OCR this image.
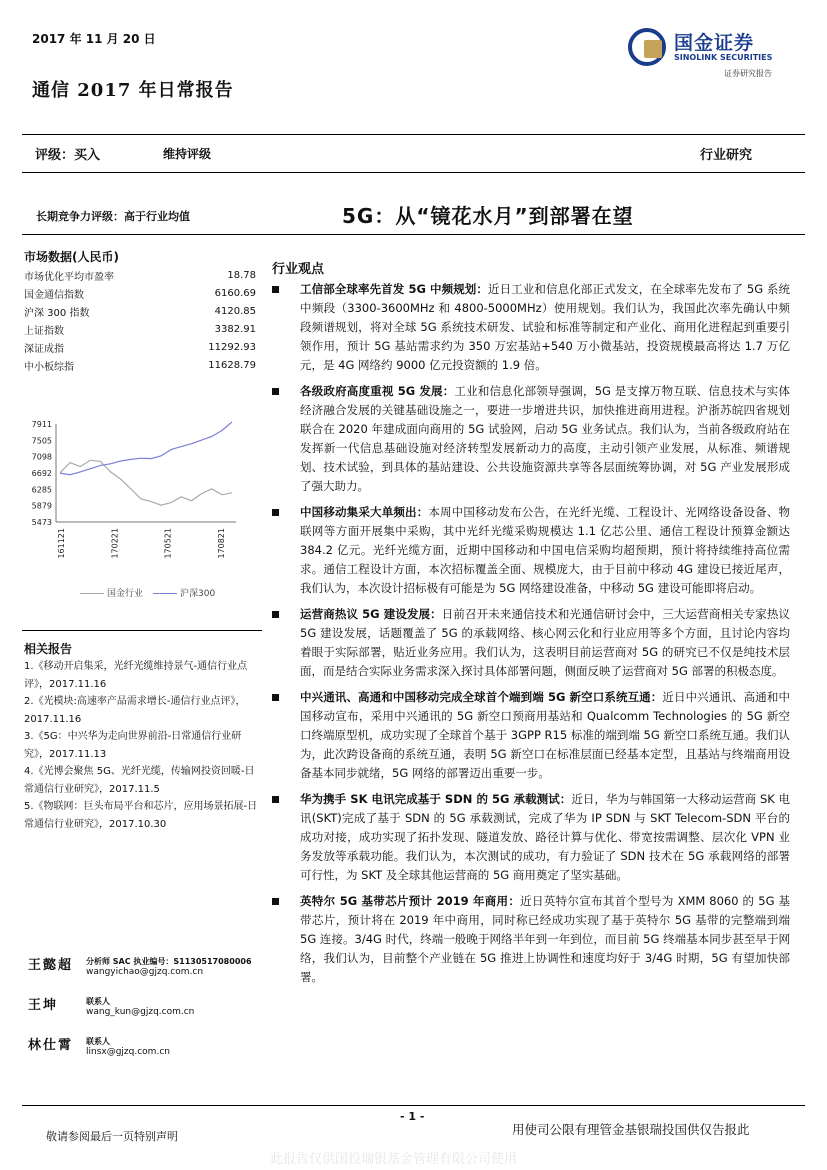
2017 年 11 月 20 日	国金证券
SINOLINK SECURITIES
证券研究报告
通信 2017 年日常报告
评级：买入	维持评级	行业研究
长期竞争力评级：高于行业均值	5G：从“镜花水月”到部署在望
市场数据(人民币)
市场优化平均市盈率	18.78
国金通信指数	6160.69
沪深 300 指数	4120.85
上证指数	3382.91
深证成指	11292.93
中小板综指	11628.79
5473
5879
6285
6692
7098
7505
7911
161121	170221	170521	170821
国金行业	沪深300
相关报告

1.《移动开启集采，光纤光缆维持景气-通信行业点评》，2017.11.16

2.《光模块:高速率产品需求增长-通信行业点评》，2017.11.16

3.《5G：中兴华为走向世界前沿-日常通信行业研究》，2017.11.13

4.《光博会聚焦 5G、光纤光缆，传输网投资回暖-日常通信行业研究》，2017.11.5

5.《物联网：巨头布局平台和芯片，应用场景拓展-日常通信行业研究》，2017.10.30

王懿超 分析师 SAC 执业编号：S1130517080006
wangyichao@gjzq.com.cn
王坤	联系人
wang_kun@gjzq.com.cn
林仕霄 联系人
linsx@gjzq.com.cn
行业观点
工信部全球率先首发 5G 中频规划：近日工业和信息化部正式发文，在全球率先发布了 5G 系统中频段（3300-3600MHz 和 4800-5000MHz）使用规划。我们认为，我国此次率先确认中频段频谱规划，将对全球 5G 系统技术研发、试验和标准等制定和产业化、商用化进程起到重要引领作用，预计 5G 基站需求约为 350 万宏基站+540 万小微基站，投资规模最高将达 1.7 万亿元，是 4G 网络约 9000 亿元投资额的 1.9 倍。
各级政府高度重视 5G 发展：工业和信息化部领导强调，5G 是支撑万物互联、信息技术与实体经济融合发展的关键基础设施之一，要进一步增进共识，加快推进商用进程。沪浙苏皖四省规划联合在 2020 年建成面向商用的 5G 试验网，启动 5G 业务试点。我们认为，当前各级政府站在发挥新一代信息基础设施对经济转型发展新动力的高度，主动引领产业发展，从标准、频谱规划、技术试验，到具体的基站建设、公共设施资源共享等各层面统筹协调，对 5G 产业发展形成了强大助力。
中国移动集采大单频出：本周中国移动发布公告，在光纤光缆、工程设计、光网络设备设备、物联网等方面开展集中采购，其中光纤光缆采购规模达 1.1 亿芯公里、通信工程设计预算金额达 384.2 亿元。光纤光缆方面，近期中国移动和中国电信采购均超预期，预计将持续维持高位需求。通信工程设计方面，本次招标覆盖全面、规模庞大，由于目前中移动 4G 建设已接近尾声，我们认为，本次设计招标极有可能是为 5G 网络建设准备，中移动 5G 建设可能即将启动。
运营商热议 5G 建设发展：日前召开未来通信技术和光通信研讨会中，三大运营商相关专家热议 5G 建设发展，话题覆盖了 5G 的承载网络、核心网云化和行业应用等多个方面，且讨论内容均着眼于实际部署，贴近业务应用。我们认为，这表明目前运营商对 5G 的研究已不仅是纯技术层面，而是结合实际业务需求深入探讨具体部署问题，侧面反映了运营商对 5G 部署的积极态度。
中兴通讯、高通和中国移动完成全球首个端到端 5G 新空口系统互通：近日中兴通讯、高通和中国移动宣布，采用中兴通讯的 5G 新空口预商用基站和 Qualcomm Technologies 的 5G 新空口终端原型机，成功实现了全球首个基于 3GPP R15 标准的端到端 5G 新空口系统互通。我们认为，此次跨设备商的系统互通，表明 5G 新空口在标准层面已经基本定型，且基站与终端商用设备基本同步就绪，5G 网络的部署迈出重要一步。
华为携手 SK 电讯完成基于 SDN 的 5G 承载测试：近日，华为与韩国第一大移动运营商 SK 电讯(SKT)完成了基于 SDN 的 5G 承载测试，完成了华为 IP SDN 与 SKT Telecom-SDN 平台的成功对接，成功实现了拓扑发现、隧道发放、路径计算与优化、带宽按需调整、层次化 VPN 业务发放等承载功能。我们认为，本次测试的成功，有力验证了 SDN 技术在 5G 承载网络的部署可行性，为 SKT 及全球其他运营商的 5G 商用奠定了坚实基础。
英特尔 5G 基带芯片预计 2019 年商用：近日英特尔宣布其首个型号为 XMM 8060 的 5G 基带芯片，预计将在 2019 年中商用，同时称已经成功实现了基于英特尔 5G 基带的完整端到端 5G 连接。3/4G 时代，终端一般晚于网络半年到一年到位，而目前 5G 终端基本同步甚至早于网络，我们认为，目前整个产业链在 5G 推进上协调性和速度均好于 3/4G 时期，5G 有望加快部署。
- 1 -
敬请参阅最后一页特别声明	用使司公限有理管金基银瑞投国供仅告报此
此报告仅供国投瑞银基金管理有限公司使用
